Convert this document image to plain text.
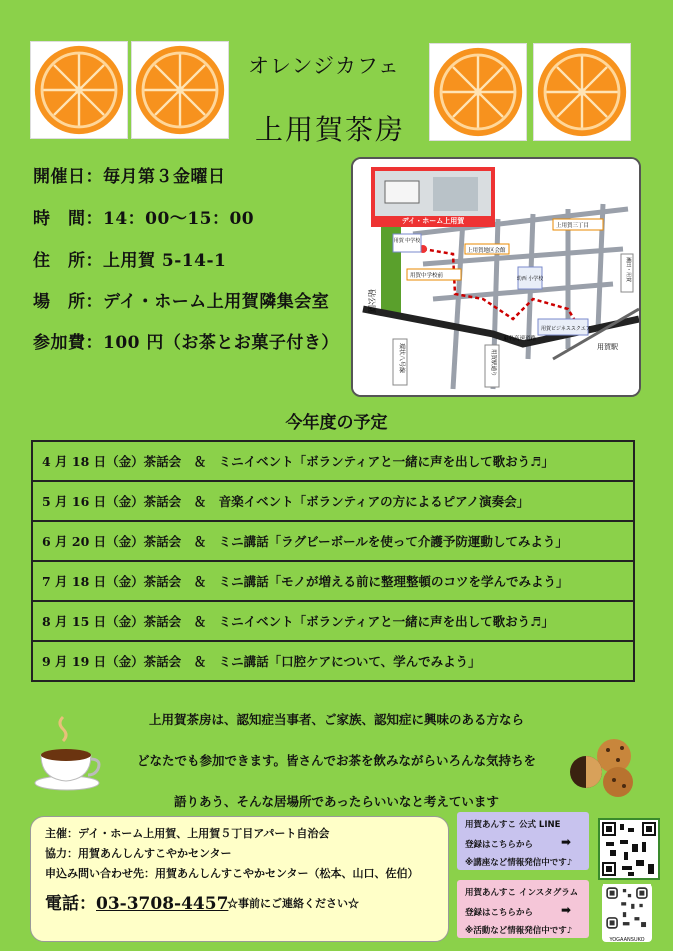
オレンジカフェ
上用賀茶房
開催日：毎月第３金曜日
時　間：14：00〜15：00
住　所：上用賀 5-14-1
場　所：デイ・ホーム上用賀隣集会室
参加費：100 円（お茶とお菓子付き）
デイ・ホーム上用賀
上用賀地区会館
上用賀三丁目
用賀中学校前	幼西 小学校
用賀ビジネススクエア
砧公園
環状八号線
東名高速道路
用賀駅通り
瀬田・用賀
用賀駅
用賀 中学校
今年度の予定
4 月 18 日（金）茶話会　＆　ミニイベント「ボランティアと一緒に声を出して歌おう♬」
5 月 16 日（金）茶話会　＆　音楽イベント「ボランティアの方によるピアノ演奏会」
6 月 20 日（金）茶話会　＆　ミニ講話「ラグビーボールを使って介護予防運動してみよう」
7 月 18 日（金）茶話会　＆　ミニ講話「モノが増える前に整理整頓のコツを学んでみよう」
8 月 15 日（金）茶話会　＆　ミニイベント「ボランティアと一緒に声を出して歌おう♬」
9 月 19 日（金）茶話会　＆　ミニ講話「口腔ケアについて、学んでみよう」
上用賀茶房は、認知症当事者、ご家族、認知症に興味のある方なら
どなたでも参加できます。皆さんでお茶を飲みながらいろんな気持ちを
語りあう、そんな居場所であったらいいなと考えています
主催：デイ・ホーム上用賀、上用賀５丁目アパート自治会
協力：用賀あんしんすこやかセンター
申込み問い合わせ先：用賀あんしんすこやかセンター（松本、山口、佐伯）
電話：03-3708-4457
☆事前にご連絡ください☆
用賀あんすこ 公式 LINE
登録はこちらから ➡
※講座など情報発信中です♪
用賀あんすこ インスタグラム
登録はこちらから ➡
※活動など情報発信中です♪
YOGAANSUKO
